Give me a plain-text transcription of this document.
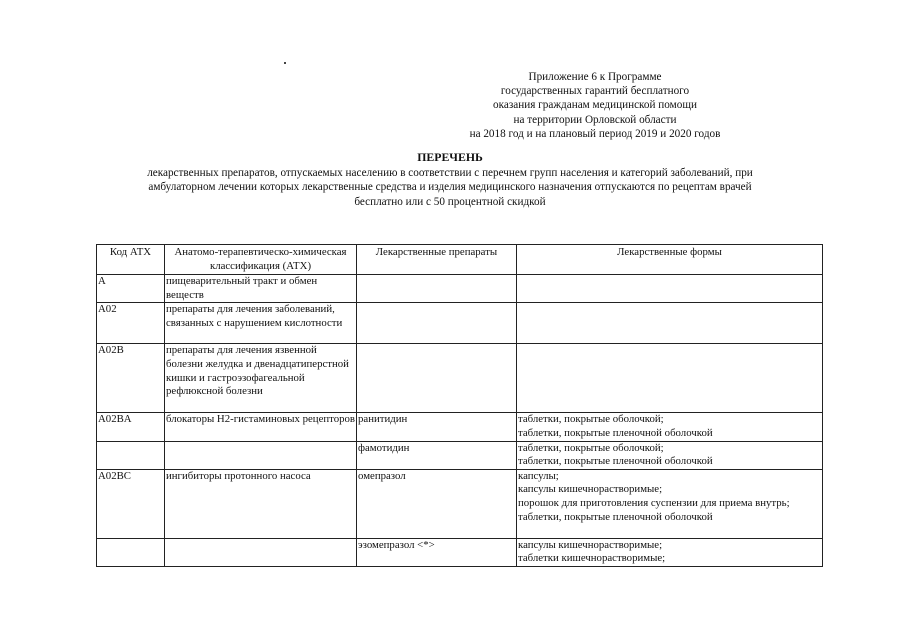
Приложение 6 к Программе
государственных гарантий бесплатного
оказания гражданам медицинской помощи
на территории Орловской области
на 2018 год и на плановый период 2019 и 2020 годов
ПЕРЕЧЕНЬ
лекарственных препаратов, отпускаемых населению в соответствии с перечнем групп населения и категорий заболеваний, при
амбулаторном лечении которых лекарственные средства и изделия медицинского назначения отпускаются по рецептам врачей
бесплатно или с 50 процентной скидкой
Код АТХ	Анатомо-терапевтическо-химическая классификация (АТХ)	Лекарственные препараты	Лекарственные формы
A	пищеварительный тракт и обмен веществ		
A02	препараты для лечения заболеваний, связанных с нарушением кислотности		
A02B	препараты для лечения язвенной болезни желудка и двенадцатиперстной кишки и гастроэзофагеальной рефлюксной болезни		
A02BA	блокаторы Н2-гистаминовых рецепторов	ранитидин	таблетки, покрытые оболочкой;
таблетки, покрытые пленочной оболочкой

		фамотидин	таблетки, покрытые оболочкой;
таблетки, покрытые пленочной оболочкой

A02BC	ингибиторы протонного насоса	омепразол	капсулы;
капсулы кишечнорастворимые;
порошок для приготовления суспензии для приема внутрь;
таблетки, покрытые пленочной оболочкой

		эзомепразол <*>	капсулы кишечнорастворимые;
таблетки кишечнорастворимые;
